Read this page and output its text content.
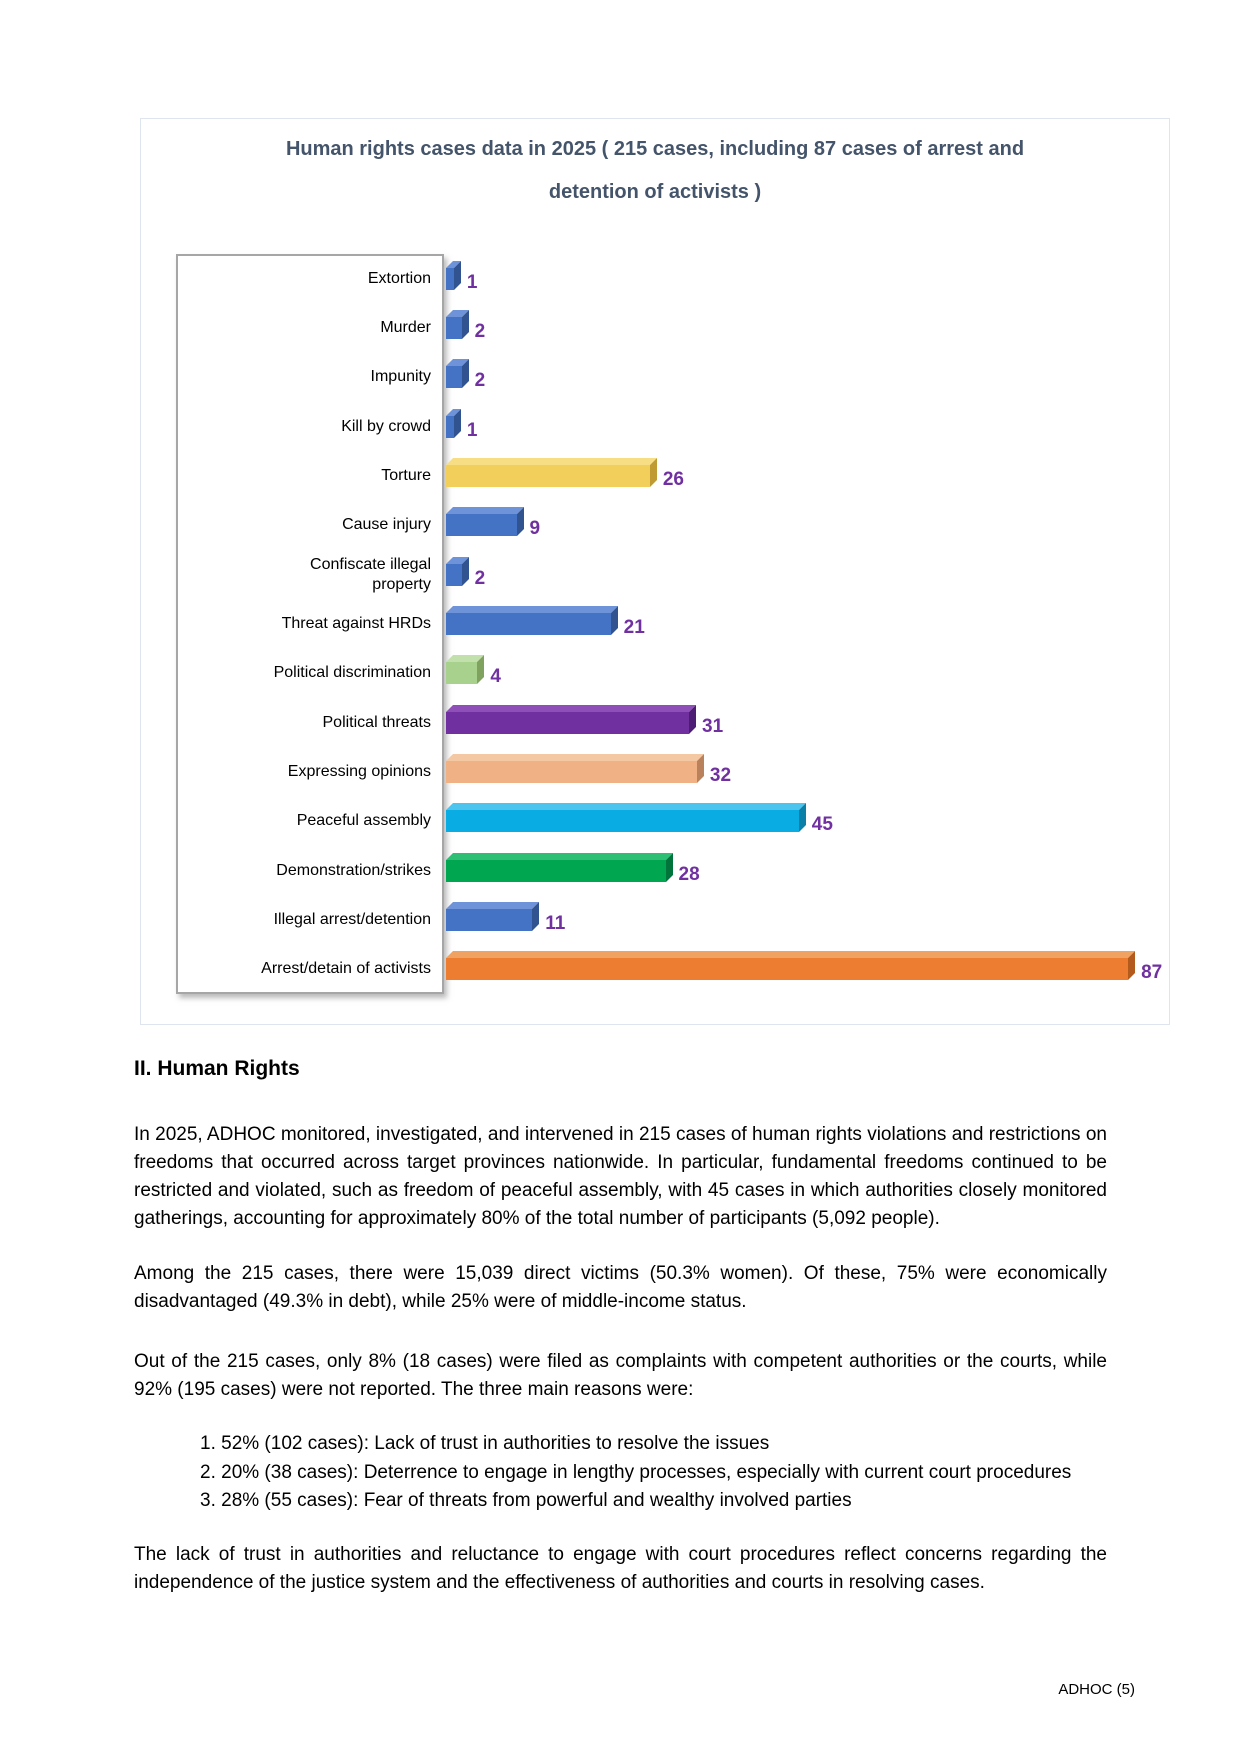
Human rights cases data in 2025 ( 215 cases, including 87 cases of arrest and
detention of activists )
Extortion	1
Murder	2
Impunity	2
Kill by crowd	1
Torture	26
Cause injury	9
Confiscate illegal
property	2
Threat against HRDs	21
Political discrimination	4
Political threats	31
Expressing opinions	32
Peaceful assembly	45
Demonstration/strikes	28
Illegal arrest/detention	11
Arrest/detain of activists	87
II. Human Rights

In 2025, ADHOC monitored, investigated, and intervened in 215 cases of human rights violations and restrictions on freedoms that occurred across target provinces nationwide. In particular, fundamental freedoms continued to be restricted and violated, such as freedom of peaceful assembly, with 45 cases in which authorities closely monitored gatherings, accounting for approximately 80% of the total number of participants (5,092 people).

Among the 215 cases, there were 15,039 direct victims (50.3% women). Of these, 75% were economically disadvantaged (49.3% in debt), while 25% were of middle-income status.

Out of the 215 cases, only 8% (18 cases) were filed as complaints with competent authorities or the courts, while 92% (195 cases) were not reported. The three main reasons were:

1. 52% (102 cases): Lack of trust in authorities to resolve the issues

2. 20% (38 cases): Deterrence to engage in lengthy processes, especially with current court procedures

3. 28% (55 cases): Fear of threats from powerful and wealthy involved parties

The lack of trust in authorities and reluctance to engage with court procedures reflect concerns regarding the independence of the justice system and the effectiveness of authorities and courts in resolving cases.

ADHOC (5)
